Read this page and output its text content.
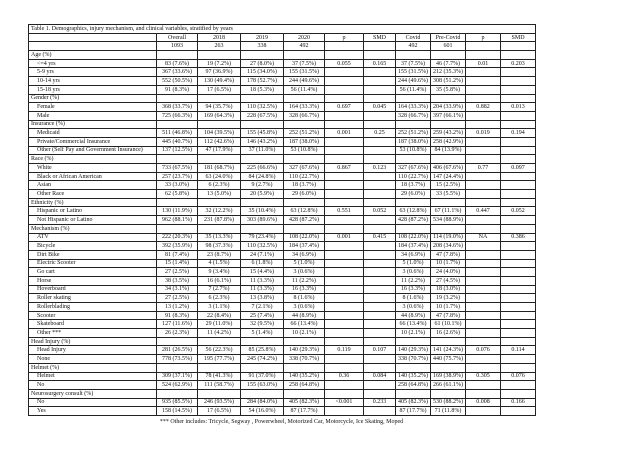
Table 1. Demographics, injury mechanism, and clinical variables, stratified by years										
	Overall	2018	2019	2020	p	SMD	Covid	Pre-Covid	p	SMD
	1093	263	338	492			492	601		
Age (%)										
<=4 yrs	83 (7.6%)	19 (7.2%)	27 (8.0%)	37 (7.5%)	0.055	0.165	37 (7.5%)	46 (7.7%)	0.01	0.203
5-9 yrs	367 (33.6%)	97 (36.9%)	115 (34.0%)	155 (31.5%)			155 (31.5%)	212 (35.3%)		
10-14 yrs	552 (50.5%)	130 (49.4%)	178 (52.7%)	244 (49.6%)			244 (49.6%)	308 (51.2%)		
15-18 yrs	91 (8.3%)	17 (6.5%)	18 (5.3%)	56 (11.4%)			56 (11.4%)	35 (5.8%)		
Gender (%)										
Female	368 (33.7%)	94 (35.7%)	110 (32.5%)	164 (33.3%)	0.697	0.045	164 (33.3%)	204 (33.9%)	0.882	0.013
Male	725 (66.3%)	169 (64.3%)	228 (67.5%)	328 (66.7%)			328 (66.7%)	397 (66.1%)		
Insurance (%)										
Medicaid	511 (46.8%)	104 (39.5%)	155 (45.8%)	252 (51.2%)	0.001	0.25	252 (51.2%)	259 (43.2%)	0.019	0.194
Private/Commercial Insurance	445 (40.7%)	112 (42.6%)	146 (43.2%)	187 (38.0%)			187 (38.0%)	258 (42.9%)		
Other (Self Pay and Government Insurance)	137 (12.5%)	47 (17.9%)	37 (11.0%)	53 (10.8%)			53 (10.8%)	84 (13.9%)		
Race (%)										
White	733 (67.5%)	181 (68.7%)	225 (66.6%)	327 (67.6%)	0.867	0.123	327 (67.6%)	406 (67.6%)	0.77	0.097
Black or African American	257 (23.7%)	63 (24.0%)	84 (24.8%)	110 (22.7%)			110 (22.7%)	147 (24.4%)		
Asian	33 (3.0%)	6 (2.3%)	9 (2.7%)	18 (3.7%)			18 (3.7%)	15 (2.5%)		
Other Race	62 (5.8%)	13 (5.0%)	20 (5.9%)	29 (6.0%)			29 (6.0%)	33 (5.5%)		
Ethnicity (%)										
Hispanic or Latino	130 (11.9%)	32 (12.2%)	35 (10.4%)	63 (12.8%)	0.551	0.052	63 (12.8%)	67 (11.1%)	0.447	0.052
Not Hispanic or Latino	962 (88.1%)	231 (87.8%)	303 (89.6%)	428 (87.2%)			428 (87.2%)	534 (88.9%)		
Mechanism (%)										
ATV	222 (20.3%)	35 (13.3%)	79 (23.4%)	108 (22.0%)	0.001	0.415	108 (22.0%)	114 (19.0%)	NA	0.386
Bicycle	392 (35.9%)	98 (37.3%)	110 (32.5%)	184 (37.4%)			184 (37.4%)	208 (34.6%)		
Dirt Bike	81 (7.4%)	23 (8.7%)	24 (7.1%)	34 (6.9%)			34 (6.9%)	47 (7.8%)		
Electric Scooter	15 (1.4%)	4 (1.5%)	6 (1.8%)	5 (1.0%)			5 (1.0%)	10 (1.7%)		
Go cart	27 (2.5%)	9 (3.4%)	15 (4.4%)	3 (0.6%)			3 (0.6%)	24 (4.0%)		
Horse	38 (3.5%)	16 (6.1%)	11 (3.3%)	11 (2.2%)			11 (2.2%)	27 (4.5%)		
Hoverboard	34 (3.1%)	7 (2.7%)	11 (3.3%)	16 (3.3%)			16 (3.3%)	18 (3.0%)		
Roller skating	27 (2.5%)	6 (2.3%)	13 (3.8%)	8 (1.6%)			8 (1.6%)	19 (3.2%)		
Rollerblading	13 (1.2%)	3 (1.1%)	7 (2.1%)	3 (0.6%)			3 (0.6%)	10 (1.7%)		
Scooter	91 (8.3%)	22 (8.4%)	25 (7.4%)	44 (8.9%)			44 (8.9%)	47 (7.8%)		
Skateboard	127 (11.6%)	29 (11.0%)	32 (9.5%)	66 (13.4%)			66 (13.4%)	61 (10.1%)		
Other ***	26 (2.3%)	11 (4.2%)	5 (1.4%)	10 (2.1%)			10 (2.1%)	16 (2.6%)		
Head Injury (%)										
Head Injury	281 (26.5%)	56 (22.3%)	85 (25.8%)	140 (29.3%)	0.119	0.107	140 (29.3%)	141 (24.3%)	0.076	0.114
None	778 (73.5%)	195 (77.7%)	245 (74.2%)	338 (70.7%)			338 (70.7%)	440 (75.7%)		
Helmet (%)										
Helmet	309 (37.1%)	78 (41.3%)	91 (37.0%)	140 (35.2%)	0.36	0.084	140 (35.2%)	169 (38.9%)	0.305	0.076
No	524 (62.9%)	111 (58.7%)	155 (63.0%)	258 (64.8%)			258 (64.8%)	266 (61.1%)		
Neurosurgery consult (%)										
No	935 (85.5%)	246 (93.5%)	284 (84.0%)	405 (82.3%)	<0.001	0.233	405 (82.3%)	530 (88.2%)	0.008	0.166
Yes	158 (14.5%)	17 (6.5%)	54 (16.0%)	87 (17.7%)			87 (17.7%)	71 (11.8%)		
*** Other includes: Tricycle, Segway , Powerwheel, Motorized Car, Motorcycle, Ice Skating, Moped
